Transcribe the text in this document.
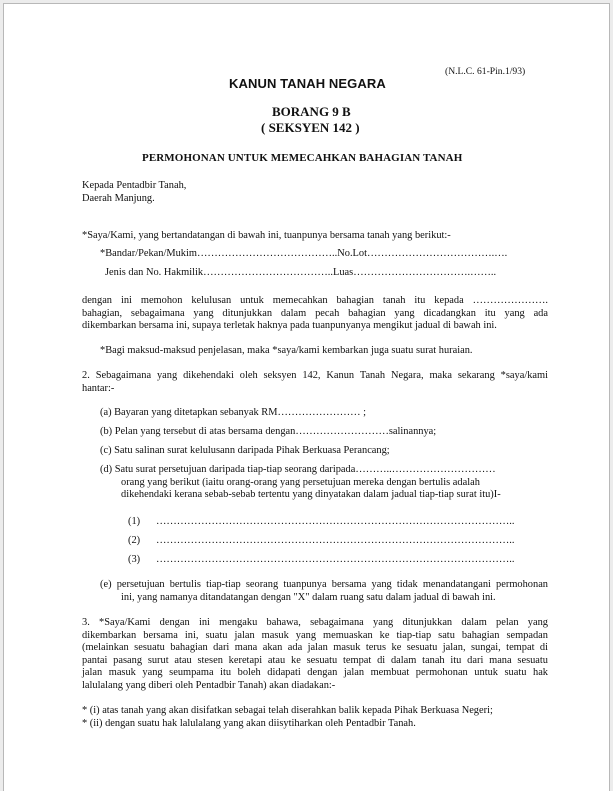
(N.L.C. 61-Pin.1/93)
KANUN TANAH NEGARA
BORANG 9 B
( SEKSYEN 142 )
PERMOHONAN UNTUK MEMECAHKAN BAHAGIAN TANAH
Kepada Pentadbir Tanah,
Daerah Manjung.
*Saya/Kami, yang bertandatangan di bawah ini, tuanpunya bersama tanah yang berikut:-
*Bandar/Pekan/Mukim…………………………………..No.Lot……………………………….….
Jenis dan No. Hakmilik………………………………..Luas…………………………….……..
dengan ini memohon kelulusan untuk memecahkan bahagian tanah itu kepada ………………….
bahagian, sebagaimana yang ditunjukkan dalam pecah bahagian yang dicadangkan itu yang ada
dikembarkan bersama ini, supaya terletak haknya pada tuanpunyanya mengikut jadual di bawah ini.
*Bagi maksud-maksud penjelasan, maka *saya/kami kembarkan juga suatu surat huraian.
2. Sebagaimana yang dikehendaki oleh seksyen 142, Kanun Tanah Negara, maka sekarang *saya/kami
hantar:-
(a) Bayaran yang ditetapkan sebanyak RM…………………… ;
(b) Pelan yang tersebut di atas bersama dengan………………………salinannya;
(c) Satu salinan surat kelulusann daripada Pihak Berkuasa Perancang;
(d) Satu surat persetujuan daripada tiap-tiap seorang daripada………..…………………………
orang yang berikut (iaitu orang-orang yang persetujuan mereka dengan bertulis adalah
dikehendaki kerana sebab-sebab tertentu yang dinyatakan dalam jadual tiap-tiap surat itu)I-
(1) …………………………………………………………………………………………..
(2) …………………………………………………………………………………………..
(3) …………………………………………………………………………………………..
(e) persetujuan bertulis tiap-tiap seorang tuanpunya bersama yang tidak menandatangani permohonan
ini, yang namanya ditandatangan dengan "X" dalam ruang satu dalam jadual di bawah ini.
3. *Saya/Kami dengan ini mengaku bahawa, sebagaimana yang ditunjukkan dalam pelan yang
dikembarkan bersama ini, suatu jalan masuk yang memuaskan ke tiap-tiap satu bahagian sempadan
(melainkan sesuatu bahagian dari mana akan ada jalan masuk terus ke sesuatu jalan, sungai, tempat di
pantai pasang surut atau stesen keretapi atau ke sesuatu tempat di dalam tanah itu dari mana sesuatu
jalan masuk yang seumpama itu boleh didapati dengan jalan membuat permohonan untuk suatu hak
lalulalang yang diberi oleh Pentadbir Tanah) akan diadakan:-
* (i) atas tanah yang akan disifatkan sebagai telah diserahkan balik kepada Pihak Berkuasa Negeri;
* (ii) dengan suatu hak lalulalang yang akan diisytiharkan oleh Pentadbir Tanah.
